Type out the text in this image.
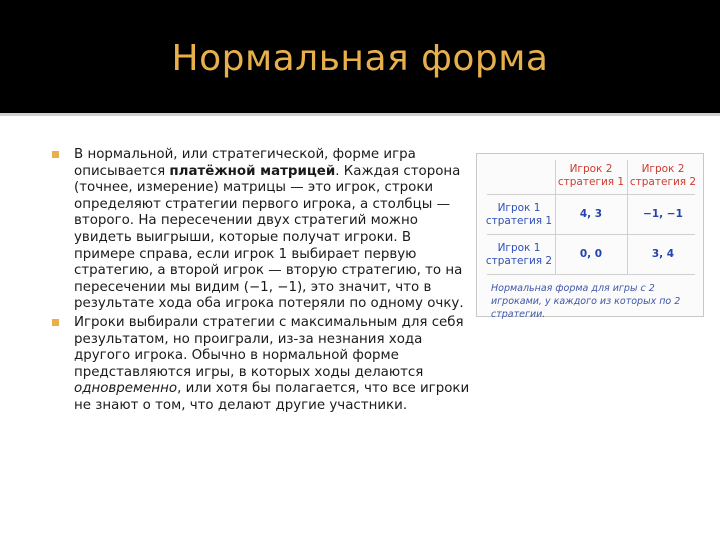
Нормальная форма

В нормальной, или стратегической, форме игра описывается платёжной матрицей. Каждая сторона (точнее, измерение) матрицы — это игрок, строки определяют стратегии первого игрока, а столбцы — второго. На пересечении двух стратегий можно увидеть выигрыши, которые получат игроки. В примере справа, если игрок 1 выбирает первую стратегию, а второй игрок — вторую стратегию, то на пересечении мы видим (−1, −1), это значит, что в результате хода оба игрока потеряли по одному очку.

Игроки выбирали стратегии с максимальным для себя результатом, но проиграли, из-за незнания хода другого игрока. Обычно в нормальной форме представляются игры, в которых ходы делаются одновременно, или хотя бы полагается, что все игроки не знают о том, что делают другие участники.

Игрок 2
стратегия 1
Игрок 2
стратегия 2
Игрок 1
стратегия 1
Игрок 1
стратегия 2
4, 3	−1, −1
0, 0	3, 4
Нормальная форма для игры с 2 игроками, у каждого из которых по 2 стратегии.
